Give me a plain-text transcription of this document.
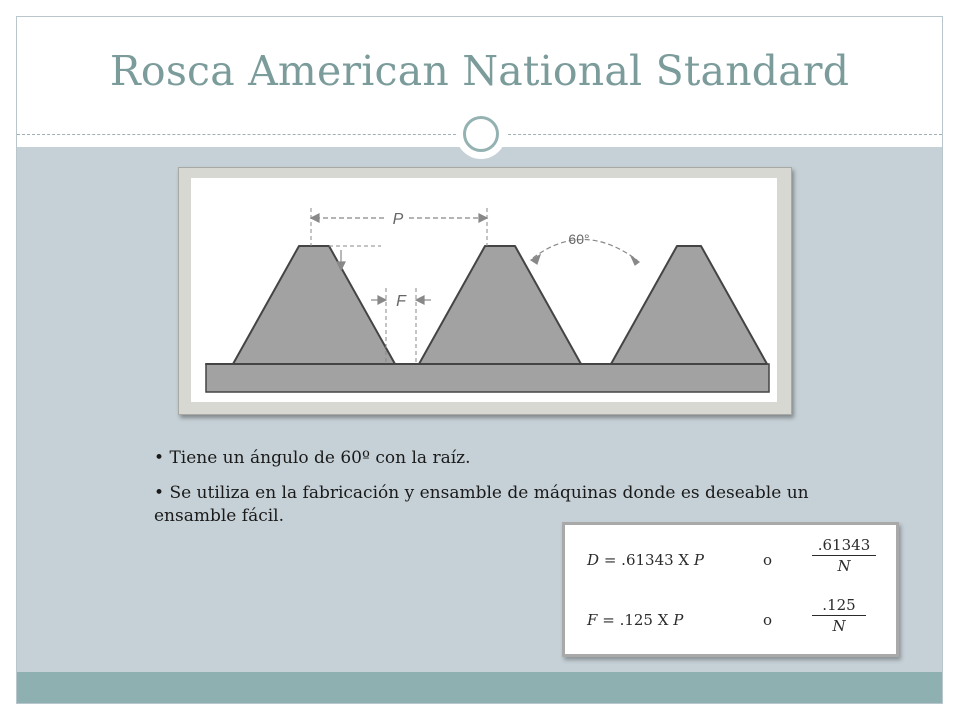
Rosca American National Standard
P
F
60°
• Tiene un ángulo de 60º con la raíz.
• Se utiliza en la fabricación y ensamble de máquinas donde es deseable un ensamble fácil.
D = .61343 X P	o	$\frac{.61343}{N}$
F = .125 X P	o	$\frac{.125}{N}$
